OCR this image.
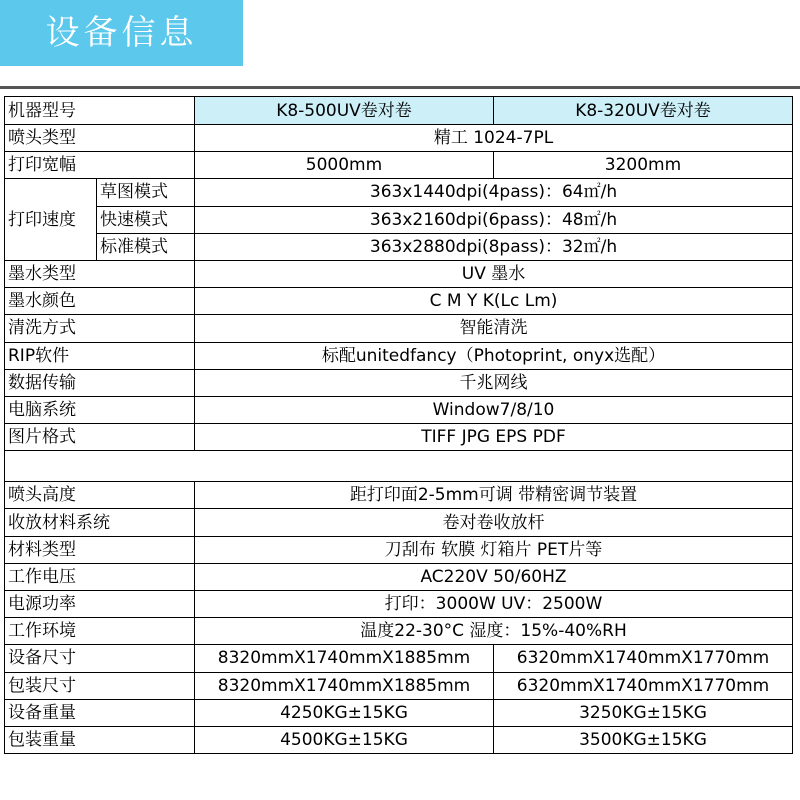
设备信息
机器型号		K8-500UV卷对卷	K8-320UV卷对卷
喷头类型		精工 1024-7PL	
打印宽幅		5000mm	3200mm
打印速度	草图模式	363x1440dpi(4pass)：64㎡/h	
	快速模式	363x2160dpi(6pass)：48㎡/h	
	标准模式	363x2880dpi(8pass)：32㎡/h	
墨水类型		UV 墨水	
墨水颜色		C M Y K(Lc Lm)	
清洗方式		智能清洗	
RIP软件		标配unitedfancy（Photoprint, onyx选配）	
数据传输		千兆网线	
电脑系统		Window7/8/10	
图片格式		TIFF JPG EPS PDF	

喷头高度		距打印面2-5mm可调 带精密调节装置	
收放材料系统		卷对卷收放杆	
材料类型		刀刮布 软膜 灯箱片 PET片等	
工作电压		AC220V 50/60HZ	
电源功率		打印：3000W UV：2500W	
工作环境		温度22-30°C 湿度：15%-40%RH	
设备尺寸		8320mmX1740mmX1885mm	6320mmX1740mmX1770mm
包装尺寸		8320mmX1740mmX1885mm	6320mmX1740mmX1770mm
设备重量		4250KG±15KG	3250KG±15KG
包装重量		4500KG±15KG	3500KG±15KG
